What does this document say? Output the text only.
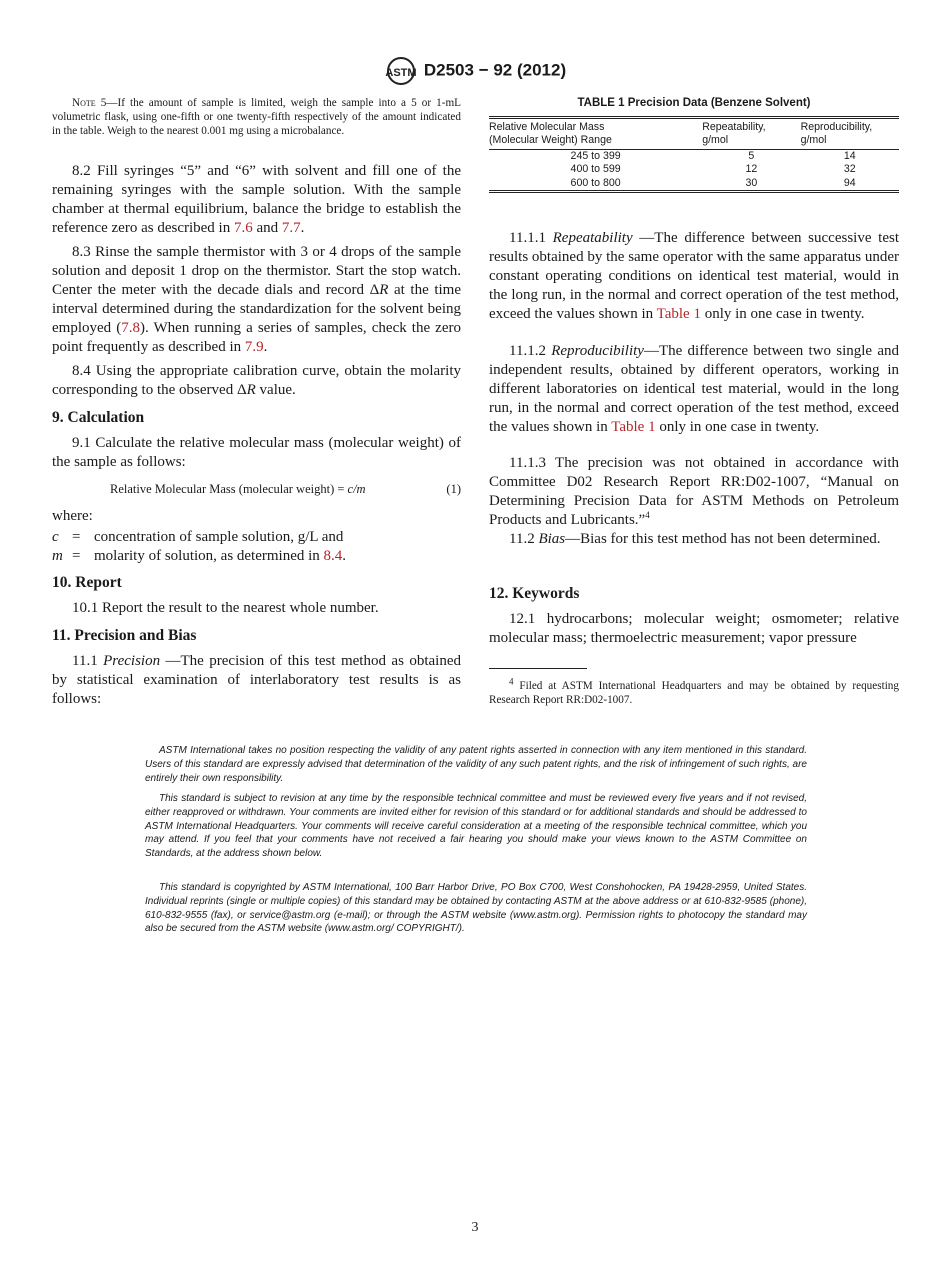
ASTM D2503 − 92 (2012)
Note 5—If the amount of sample is limited, weigh the sample into a 5 or 1-mL volumetric flask, using one-fifth or one twenty-fifth respectively of the amount indicated in the table. Weigh to the nearest 0.001 mg using a microbalance.
8.2 Fill syringes “5” and “6” with solvent and fill one of the remaining syringes with the sample solution. With the sample chamber at thermal equilibrium, balance the bridge to establish the reference zero as described in 7.6 and 7.7.
8.3 Rinse the sample thermistor with 3 or 4 drops of the sample solution and deposit 1 drop on the thermistor. Start the stop watch. Center the meter with the decade dials and record ΔR at the time interval determined during the standardization for the solvent being employed (7.8). When running a series of samples, check the zero point frequently as described in 7.9.
8.4 Using the appropriate calibration curve, obtain the molarity corresponding to the observed ΔR value.
9. Calculation
9.1 Calculate the relative molecular mass (molecular weight) of the sample as follows:
Relative Molecular Mass (molecular weight) = c/m	(1)
where:
c = concentration of sample solution, g/L and
m = molarity of solution, as determined in 8.4.
10. Report
10.1 Report the result to the nearest whole number.
11. Precision and Bias
11.1 Precision —The precision of this test method as obtained by statistical examination of interlaboratory test results is as follows:
TABLE 1 Precision Data (Benzene Solvent)
Relative Molecular Mass
(Molecular Weight) Range	Repeatability,
g/mol	Reproducibility,
g/mol
245 to 399	5	14
400 to 599	12	32
600 to 800	30	94
11.1.1 Repeatability —The difference between successive test results obtained by the same operator with the same apparatus under constant operating conditions on identical test material, would in the long run, in the normal and correct operation of the test method, exceed the values shown in Table 1 only in one case in twenty.
11.1.2 Reproducibility—The difference between two single and independent results, obtained by different operators, working in different laboratories on identical test material, would in the long run, in the normal and correct operation of the test method, exceed the values shown in Table 1 only in one case in twenty.
11.1.3 The precision was not obtained in accordance with Committee D02 Research Report RR:D02-1007, “Manual on Determining Precision Data for ASTM Methods on Petroleum Products and Lubricants.”$^4$
11.2 Bias—Bias for this test method has not been determined.
12. Keywords
12.1 hydrocarbons; molecular weight; osmometer; relative molecular mass; thermoelectric measurement; vapor pressure
$^4$ Filed at ASTM International Headquarters and may be obtained by requesting Research Report RR:D02-1007.
ASTM International takes no position respecting the validity of any patent rights asserted in connection with any item mentioned in this standard. Users of this standard are expressly advised that determination of the validity of any such patent rights, and the risk of infringement of such rights, are entirely their own responsibility.
This standard is subject to revision at any time by the responsible technical committee and must be reviewed every five years and if not revised, either reapproved or withdrawn. Your comments are invited either for revision of this standard or for additional standards and should be addressed to ASTM International Headquarters. Your comments will receive careful consideration at a meeting of the responsible technical committee, which you may attend. If you feel that your comments have not received a fair hearing you should make your views known to the ASTM Committee on Standards, at the address shown below.
This standard is copyrighted by ASTM International, 100 Barr Harbor Drive, PO Box C700, West Conshohocken, PA 19428-2959, United States. Individual reprints (single or multiple copies) of this standard may be obtained by contacting ASTM at the above address or at 610-832-9585 (phone), 610-832-9555 (fax), or service@astm.org (e-mail); or through the ASTM website (www.astm.org). Permission rights to photocopy the standard may also be secured from the ASTM website (www.astm.org/ COPYRIGHT/).
3
